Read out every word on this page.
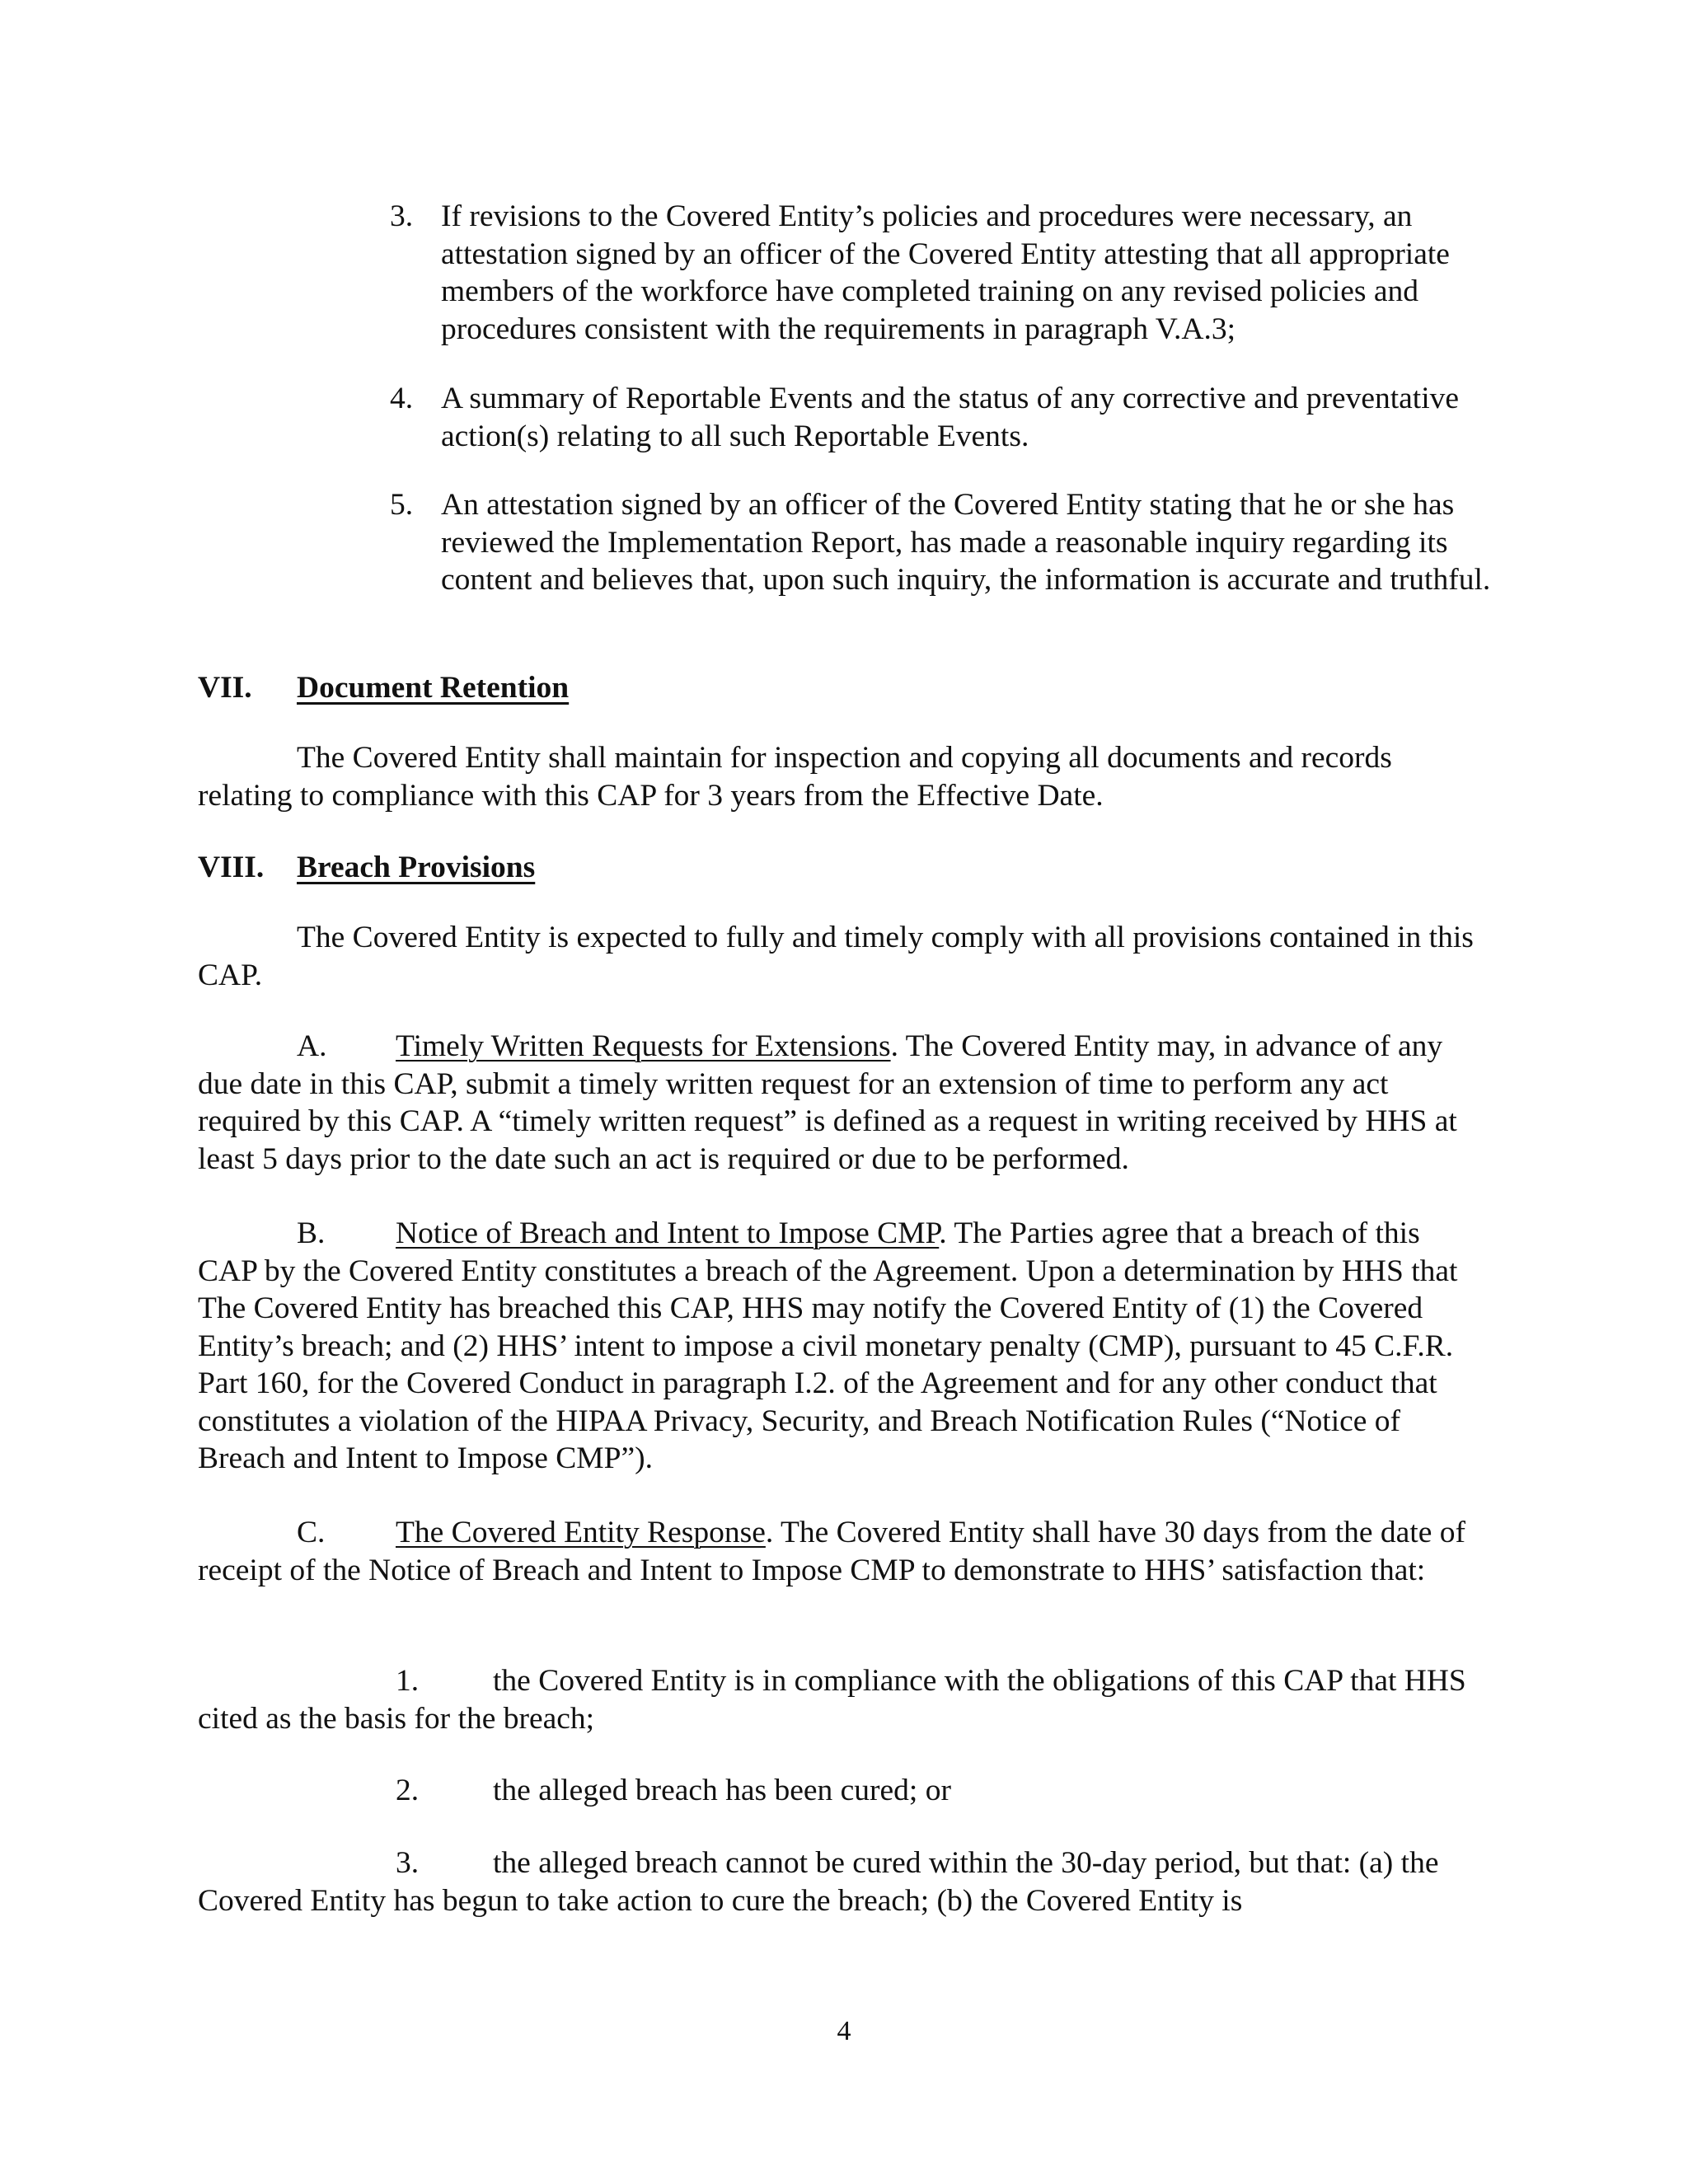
3. If revisions to the Covered Entity’s policies and procedures were necessary, an attestation signed by an officer of the Covered Entity attesting that all appropriate members of the workforce have completed training on any revised policies and procedures consistent with the requirements in paragraph V.A.3;
4. A summary of Reportable Events and the status of any corrective and preventative action(s) relating to all such Reportable Events.
5. An attestation signed by an officer of the Covered Entity stating that he or she has reviewed the Implementation Report, has made a reasonable inquiry regarding its content and believes that, upon such inquiry, the information is accurate and truthful.
VII. Document Retention
The Covered Entity shall maintain for inspection and copying all documents and records relating to compliance with this CAP for 3 years from the Effective Date.
VIII. Breach Provisions
The Covered Entity is expected to fully and timely comply with all provisions contained in this CAP.
A. Timely Written Requests for Extensions. The Covered Entity may, in advance of any due date in this CAP, submit a timely written request for an extension of time to perform any act required by this CAP. A “timely written request” is defined as a request in writing received by HHS at least 5 days prior to the date such an act is required or due to be performed.
B. Notice of Breach and Intent to Impose CMP. The Parties agree that a breach of this CAP by the Covered Entity constitutes a breach of the Agreement. Upon a determination by HHS that The Covered Entity has breached this CAP, HHS may notify the Covered Entity of (1) the Covered Entity’s breach; and (2) HHS’ intent to impose a civil monetary penalty (CMP), pursuant to 45 C.F.R. Part 160, for the Covered Conduct in paragraph I.2. of the Agreement and for any other conduct that constitutes a violation of the HIPAA Privacy, Security, and Breach Notification Rules (“Notice of Breach and Intent to Impose CMP”).
C. The Covered Entity Response. The Covered Entity shall have 30 days from the date of receipt of the Notice of Breach and Intent to Impose CMP to demonstrate to HHS’ satisfaction that:
1. the Covered Entity is in compliance with the obligations of this CAP that HHS cited as the basis for the breach;
2. the alleged breach has been cured; or
3. the alleged breach cannot be cured within the 30-day period, but that: (a) the Covered Entity has begun to take action to cure the breach; (b) the Covered Entity is
4
